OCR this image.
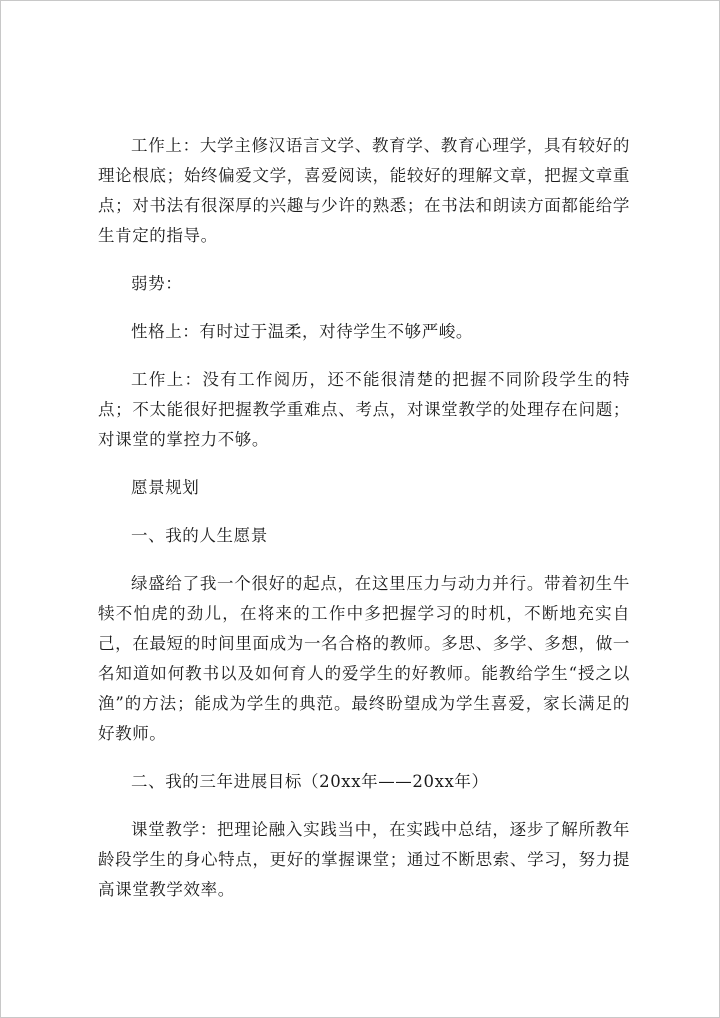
工作上：大学主修汉语言文学、教育学、教育心理学，具有较好的理论根底；始终偏爱文学，喜爱阅读，能较好的理解文章，把握文章重点；对书法有很深厚的兴趣与少许的熟悉；在书法和朗读方面都能给学生肯定的指导。

弱势：

性格上：有时过于温柔，对待学生不够严峻。

工作上：没有工作阅历，还不能很清楚的把握不同阶段学生的特点；不太能很好把握教学重难点、考点，对课堂教学的处理存在问题；对课堂的掌控力不够。

愿景规划

一、我的人生愿景

绿盛给了我一个很好的起点，在这里压力与动力并行。带着初生牛犊不怕虎的劲儿，在将来的工作中多把握学习的时机，不断地充实自己，在最短的时间里面成为一名合格的教师。多思、多学、多想，做一名知道如何教书以及如何育人的爱学生的好教师。能教给学生“授之以渔”的方法；能成为学生的典范。最终盼望成为学生喜爱，家长满足的好教师。

二、我的三年进展目标（20xx年——20xx年）

课堂教学：把理论融入实践当中，在实践中总结，逐步了解所教年龄段学生的身心特点，更好的掌握课堂；通过不断思索、学习，努力提高课堂教学效率。
